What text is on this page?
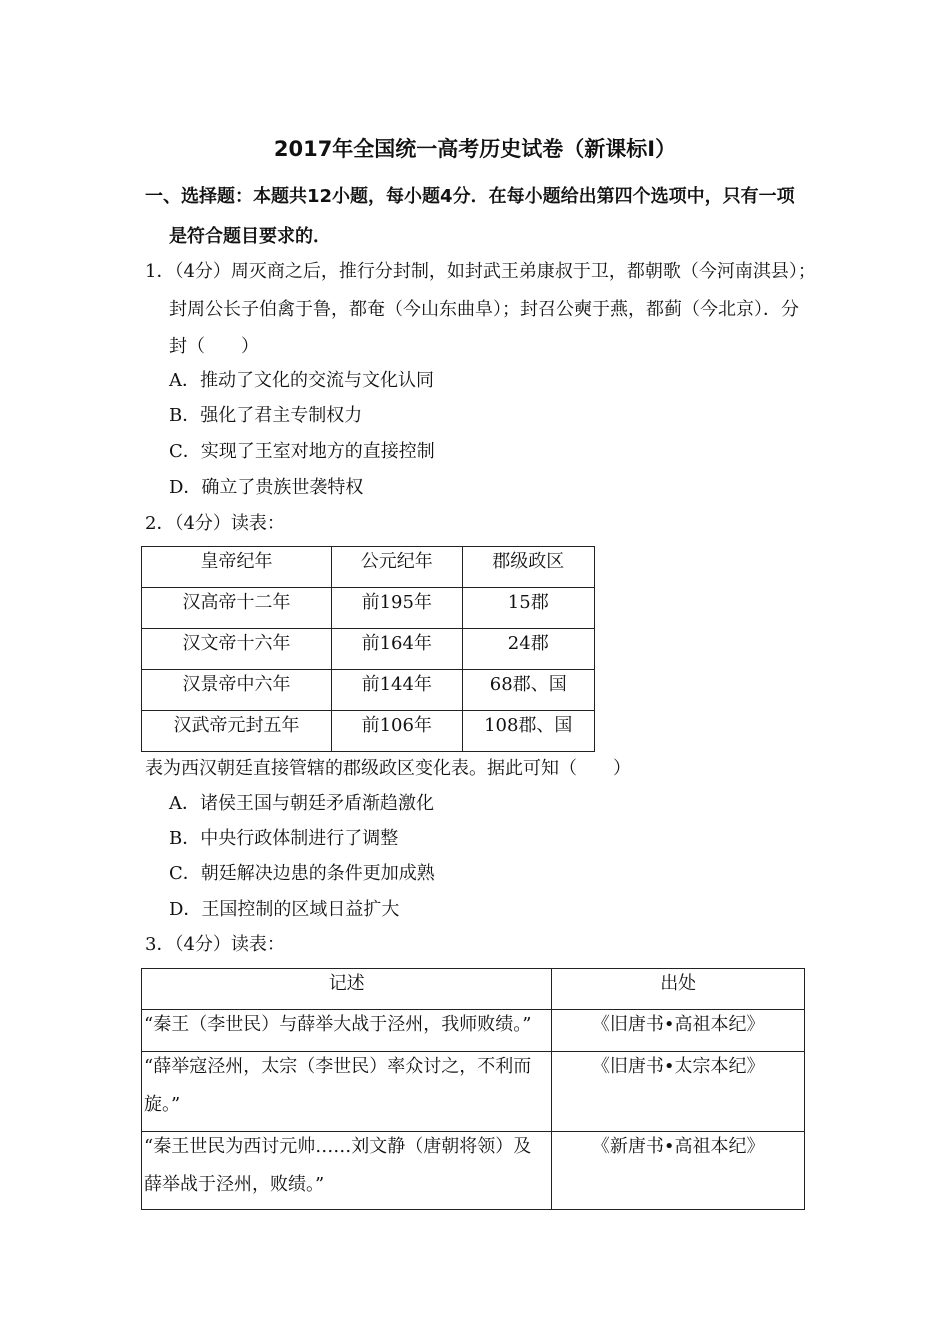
2017年全国统一高考历史试卷（新课标Ⅰ）
一、选择题：本题共12小题，每小题4分．在每小题给出第四个选项中，只有一项
是符合题目要求的．
1．（4分）周灭商之后，推行分封制，如封武王弟康叔于卫，都朝歌（今河南淇县）；
封周公长子伯禽于鲁，都奄（今山东曲阜）；封召公奭于燕，都蓟（今北京）．分
封（　　）
A．推动了文化的交流与文化认同
B．强化了君主专制权力
C．实现了王室对地方的直接控制
D．确立了贵族世袭特权
2．（4分）读表：
皇帝纪年	公元纪年	郡级政区
汉高帝十二年	前195年	15郡
汉文帝十六年	前164年	24郡
汉景帝中六年	前144年	68郡、国
汉武帝元封五年	前106年	108郡、国
表为西汉朝廷直接管辖的郡级政区变化表。据此可知（　　）
A．诸侯王国与朝廷矛盾渐趋激化
B．中央行政体制进行了调整
C．朝廷解决边患的条件更加成熟
D．王国控制的区域日益扩大
3．（4分）读表：
记述	出处
“秦王（李世民）与薛举大战于泾州，我师败绩。”	《旧唐书•高祖本纪》

“薛举寇泾州，太宗（李世民）率众讨之，不利而
旋。”	《旧唐书•太宗本纪》

“秦王世民为西讨元帅……刘文静（唐朝将领）及
薛举战于泾州，败绩。”	《新唐书•高祖本纪》
